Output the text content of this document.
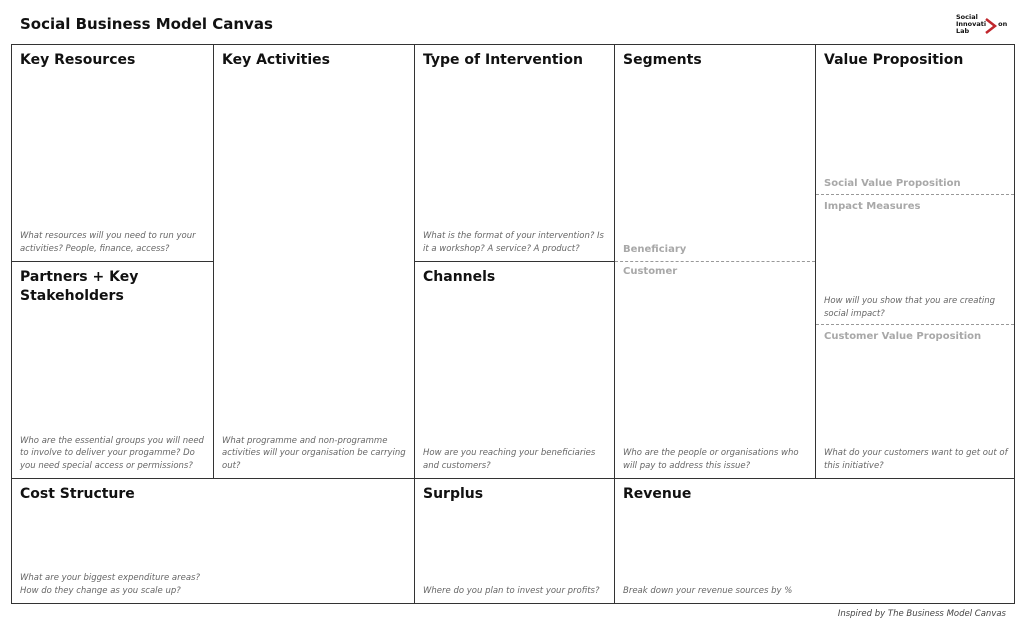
Social Business Model Canvas	Social
Innovati on
Lab
Key Resources
What resources will you need to run your activities? People, finance, access?
Partners + Key Stakeholders
Who are the essential groups you will need to involve to deliver your progamme? Do you need special access or permissions?
Key Activities
What programme and non-programme activities will your organisation be carrying out?
Type of Intervention
What is the format of your intervention? Is it a workshop? A service? A product?
Channels
How are you reaching your beneficiaries and customers?
Segments
Beneficiary
Customer
Who are the people or organisations who will pay to address this issue?
Value Proposition
Social Value Proposition
Impact Measures
How will you show that you are creating social impact?
Customer Value Proposition
What do your customers want to get out of this initiative?
Cost Structure
What are your biggest expenditure areas? How do they change as you scale up?
Surplus
Where do you plan to invest your profits?
Revenue
Break down your revenue sources by %
Inspired by The Business Model Canvas
